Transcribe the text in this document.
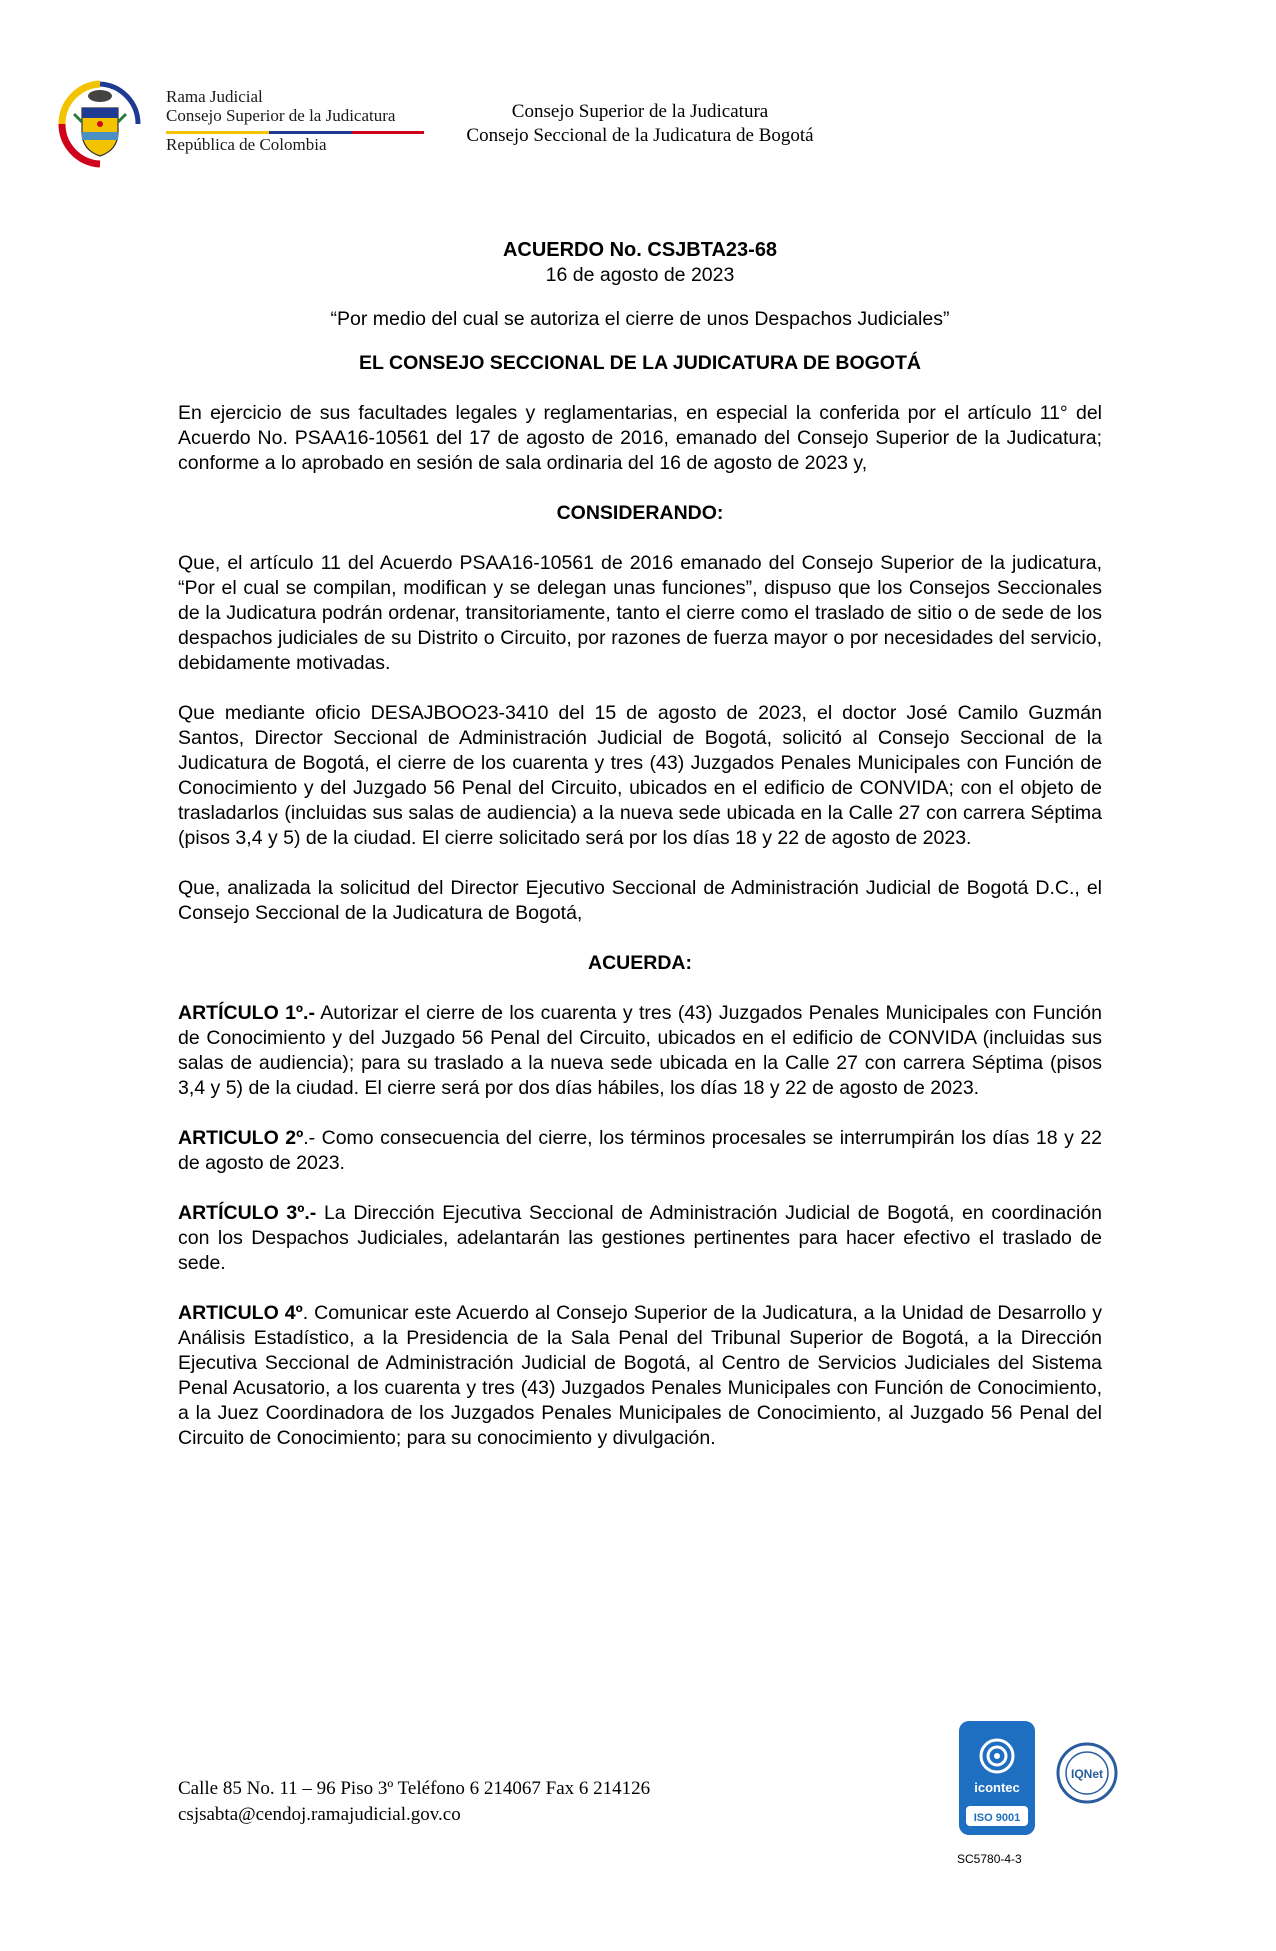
Rama Judicial
Consejo Superior de la Judicatura
República de Colombia
Consejo Superior de la Judicatura
Consejo Seccional de la Judicatura de Bogotá

ACUERDO No. CSJBTA23-68

16 de agosto de 2023

“Por medio del cual se autoriza el cierre de unos Despachos Judiciales”

EL CONSEJO SECCIONAL DE LA JUDICATURA DE BOGOTÁ

En ejercicio de sus facultades legales y reglamentarias, en especial la conferida por el artículo 11° del Acuerdo No. PSAA16-10561 del 17 de agosto de 2016, emanado del Consejo Superior de la Judicatura; conforme a lo aprobado en sesión de sala ordinaria del 16 de agosto de 2023 y,

CONSIDERANDO:

Que, el artículo 11 del Acuerdo PSAA16-10561 de 2016 emanado del Consejo Superior de la judicatura, “Por el cual se compilan, modifican y se delegan unas funciones”, dispuso que los Consejos Seccionales de la Judicatura podrán ordenar, transitoriamente, tanto el cierre como el traslado de sitio o de sede de los despachos judiciales de su Distrito o Circuito, por razones de fuerza mayor o por necesidades del servicio, debidamente motivadas.

Que mediante oficio DESAJBOO23-3410 del 15 de agosto de 2023, el doctor José Camilo Guzmán Santos, Director Seccional de Administración Judicial de Bogotá, solicitó al Consejo Seccional de la Judicatura de Bogotá, el cierre de los cuarenta y tres (43) Juzgados Penales Municipales con Función de Conocimiento y del Juzgado 56 Penal del Circuito, ubicados en el edificio de CONVIDA; con el objeto de trasladarlos (incluidas sus salas de audiencia) a la nueva sede ubicada en la Calle 27 con carrera Séptima (pisos 3,4 y 5) de la ciudad. El cierre solicitado será por los días 18 y 22 de agosto de 2023.

Que, analizada la solicitud del Director Ejecutivo Seccional de Administración Judicial de Bogotá D.C., el Consejo Seccional de la Judicatura de Bogotá,

ACUERDA:

ARTÍCULO 1º.- Autorizar el cierre de los cuarenta y tres (43) Juzgados Penales Municipales con Función de Conocimiento y del Juzgado 56 Penal del Circuito, ubicados en el edificio de CONVIDA (incluidas sus salas de audiencia); para su traslado a la nueva sede ubicada en la Calle 27 con carrera Séptima (pisos 3,4 y 5) de la ciudad. El cierre será por dos días hábiles, los días 18 y 22 de agosto de 2023.

ARTICULO 2º.- Como consecuencia del cierre, los términos procesales se interrumpirán los días 18 y 22 de agosto de 2023.

ARTÍCULO 3º.- La Dirección Ejecutiva Seccional de Administración Judicial de Bogotá, en coordinación con los Despachos Judiciales, adelantarán las gestiones pertinentes para hacer efectivo el traslado de sede.

ARTICULO 4º. Comunicar este Acuerdo al Consejo Superior de la Judicatura, a la Unidad de Desarrollo y Análisis Estadístico, a la Presidencia de la Sala Penal del Tribunal Superior de Bogotá, a la Dirección Ejecutiva Seccional de Administración Judicial de Bogotá, al Centro de Servicios Judiciales del Sistema Penal Acusatorio, a los cuarenta y tres (43) Juzgados Penales Municipales con Función de Conocimiento, a la Juez Coordinadora de los Juzgados Penales Municipales de Conocimiento, al Juzgado 56 Penal del Circuito de Conocimiento; para su conocimiento y divulgación.

Calle 85 No. 11 – 96 Piso 3º Teléfono 6 214067 Fax 6 214126
csjsabta@cendoj.ramajudicial.gov.co
icontec
ISO 9001
IQNet
SC5780-4-3
